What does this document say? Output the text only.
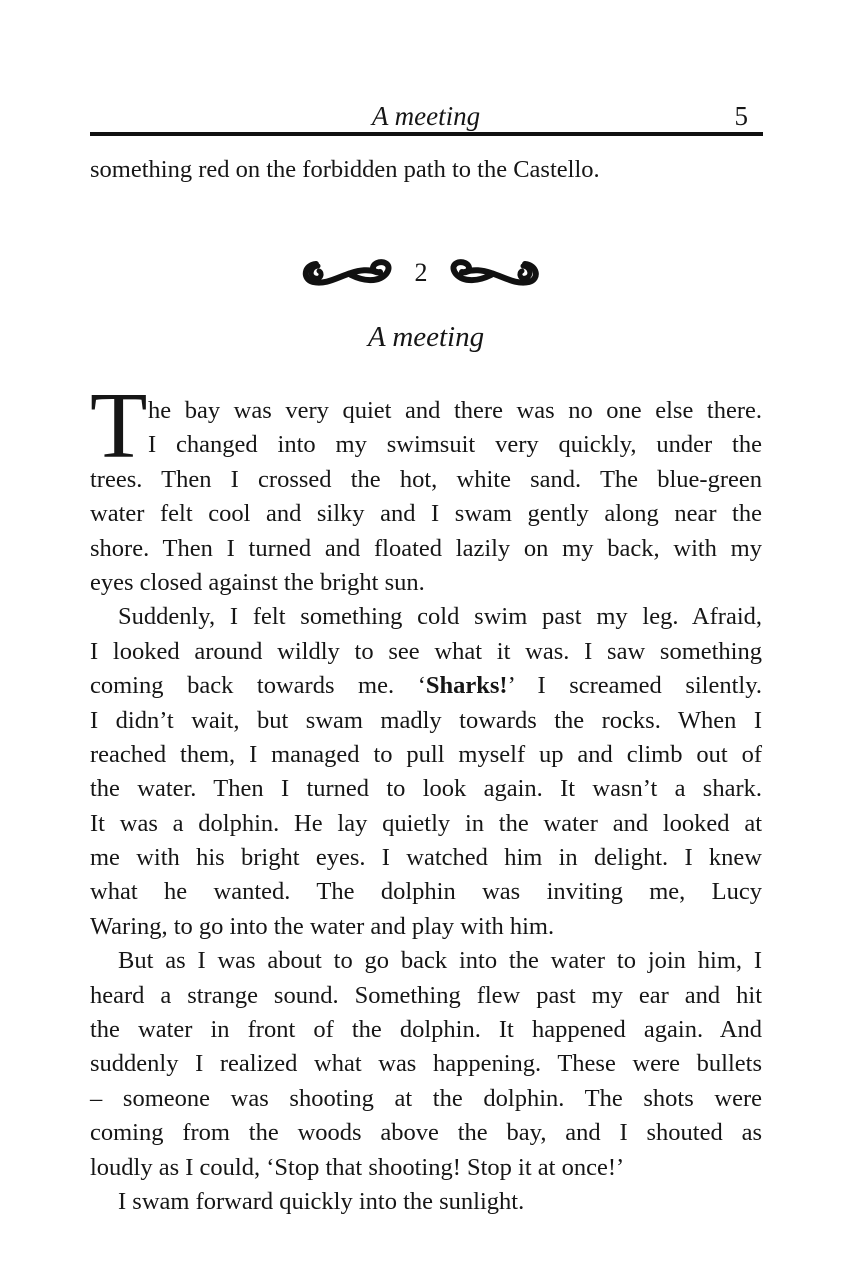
A meeting	5
something red on the forbidden path to the Castello.
2
A meeting
T he bay was very quiet and there was no one else there.
I changed into my swimsuit very quickly, under the
trees. Then I crossed the hot, white sand. The blue-green
water felt cool and silky and I swam gently along near the
shore. Then I turned and floated lazily on my back, with my
eyes closed against the bright sun.
Suddenly, I felt something cold swim past my leg. Afraid,
I looked around wildly to see what it was. I saw something
coming back towards me. ‘Sharks!’ I screamed silently.
I didn’t wait, but swam madly towards the rocks. When I
reached them, I managed to pull myself up and climb out of
the water. Then I turned to look again. It wasn’t a shark.
It was a dolphin. He lay quietly in the water and looked at
me with his bright eyes. I watched him in delight. I knew
what he wanted. The dolphin was inviting me, Lucy
Waring, to go into the water and play with him.
But as I was about to go back into the water to join him, I
heard a strange sound. Something flew past my ear and hit
the water in front of the dolphin. It happened again. And
suddenly I realized what was happening. These were bullets
– someone was shooting at the dolphin. The shots were
coming from the woods above the bay, and I shouted as
loudly as I could, ‘Stop that shooting! Stop it at once!’
I swam forward quickly into the sunlight.
